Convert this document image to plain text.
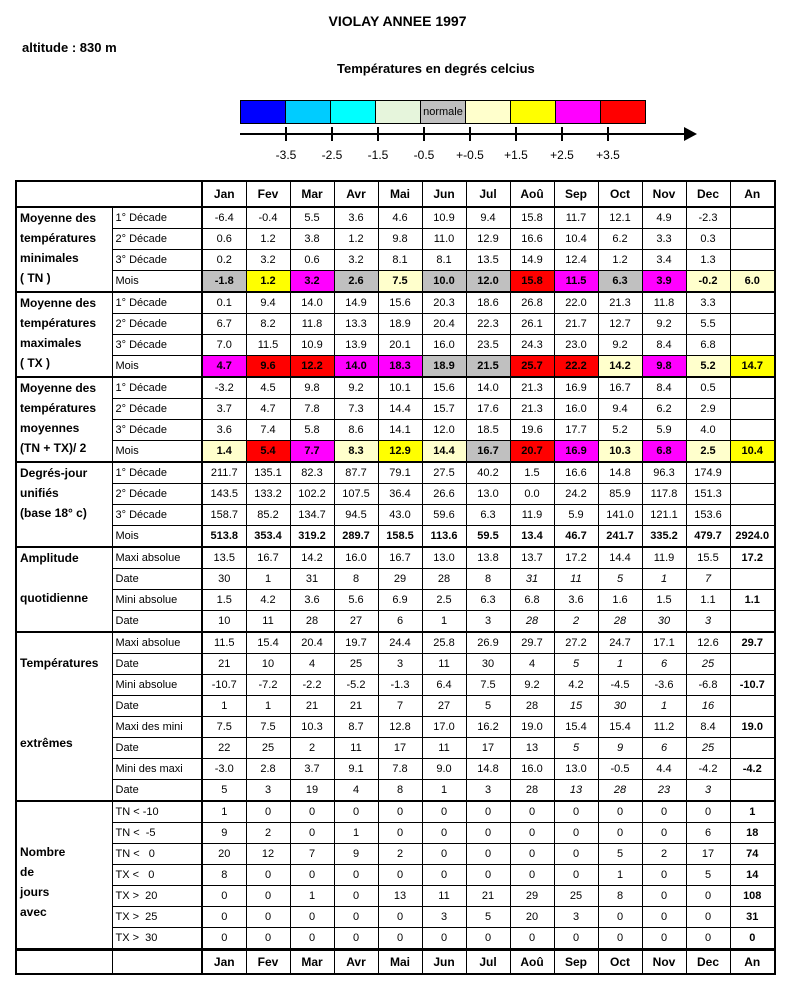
VIOLAY ANNEE 1997
altitude : 830 m
Températures en degrés celcius
normale
-3.5 -2.5 -1.5 -0.5 +-0.5 +1.5 +2.5 +3.5
		Jan	Fev	Mar	Avr	Mai	Jun	Jul	Aoû	Sep	Oct	Nov	Dec	An

Moyenne des
températures
minimales
( TN )	1° Décade	-6.4	-0.4	5.5	3.6	4.6	10.9	9.4	15.8	11.7	12.1	4.9	-2.3	
	2° Décade	0.6	1.2	3.8	1.2	9.8	11.0	12.9	16.6	10.4	6.2	3.3	0.3	
	3° Décade	0.2	3.2	0.6	3.2	8.1	8.1	13.5	14.9	12.4	1.2	3.4	1.3	
	Mois	-1.8	1.2	3.2	2.6	7.5	10.0	12.0	15.8	11.5	6.3	3.9	-0.2	6.0

Moyenne des
températures
maximales
( TX )	1° Décade	0.1	9.4	14.0	14.9	15.6	20.3	18.6	26.8	22.0	21.3	11.8	3.3	
	2° Décade	6.7	8.2	11.8	13.3	18.9	20.4	22.3	26.1	21.7	12.7	9.2	5.5	
	3° Décade	7.0	11.5	10.9	13.9	20.1	16.0	23.5	24.3	23.0	9.2	8.4	6.8	
	Mois	4.7	9.6	12.2	14.0	18.3	18.9	21.5	25.7	22.2	14.2	9.8	5.2	14.7

Moyenne des
températures
moyennes
(TN + TX)/ 2	1° Décade	-3.2	4.5	9.8	9.2	10.1	15.6	14.0	21.3	16.9	16.7	8.4	0.5	
	2° Décade	3.7	4.7	7.8	7.3	14.4	15.7	17.6	21.3	16.0	9.4	6.2	2.9	
	3° Décade	3.6	7.4	5.8	8.6	14.1	12.0	18.5	19.6	17.7	5.2	5.9	4.0	
	Mois	1.4	5.4	7.7	8.3	12.9	14.4	16.7	20.7	16.9	10.3	6.8	2.5	10.4

Degrés-jour
unifiés
(base 18° c)	1° Décade	211.7	135.1	82.3	87.7	79.1	27.5	40.2	1.5	16.6	14.8	96.3	174.9	
	2° Décade	143.5	133.2	102.2	107.5	36.4	26.6	13.0	0.0	24.2	85.9	117.8	151.3	
	3° Décade	158.7	85.2	134.7	94.5	43.0	59.6	6.3	11.9	5.9	141.0	121.1	153.6	
	Mois	513.8	353.4	319.2	289.7	158.5	113.6	59.5	13.4	46.7	241.7	335.2	479.7	2924.0

Amplitude
quotidienne	Maxi absolue	13.5	16.7	14.2	16.0	16.7	13.0	13.8	13.7	17.2	14.4	11.9	15.5	17.2
	Date	30	1	31	8	29	28	8	31	11	5	1	7	
	Mini absolue	1.5	4.2	3.6	5.6	6.9	2.5	6.3	6.8	3.6	1.6	1.5	1.1	1.1
	Date	10	11	28	27	6	1	3	28	2	28	30	3	

Températures
extrêmes	Maxi absolue	11.5	15.4	20.4	19.7	24.4	25.8	26.9	29.7	27.2	24.7	17.1	12.6	29.7
	Date	21	10	4	25	3	11	30	4	5	1	6	25	
	Mini absolue	-10.7	-7.2	-2.2	-5.2	-1.3	6.4	7.5	9.2	4.2	-4.5	-3.6	-6.8	-10.7
	Date	1	1	21	21	7	27	5	28	15	30	1	16	
	Maxi des mini	7.5	7.5	10.3	8.7	12.8	17.0	16.2	19.0	15.4	15.4	11.2	8.4	19.0
	Date	22	25	2	11	17	11	17	13	5	9	6	25	
	Mini des maxi	-3.0	2.8	3.7	9.1	7.8	9.0	14.8	16.0	13.0	-0.5	4.4	-4.2	-4.2
	Date	5	3	19	4	8	1	3	28	13	28	23	3	

Nombre
de
jours
avec	TN < -10	1	0	0	0	0	0	0	0	0	0	0	0	1
	TN <  -5	9	2	0	1	0	0	0	0	0	0	0	6	18
	TN <   0	20	12	7	9	2	0	0	0	0	5	2	17	74
	TX <   0	8	0	0	0	0	0	0	0	0	1	0	5	14
	TX >  20	0	0	1	0	13	11	21	29	25	8	0	0	108
	TX >  25	0	0	0	0	0	3	5	20	3	0	0	0	31
	TX >  30	0	0	0	0	0	0	0	0	0	0	0	0	0
		Jan	Fev	Mar	Avr	Mai	Jun	Jul	Aoû	Sep	Oct	Nov	Dec	An
